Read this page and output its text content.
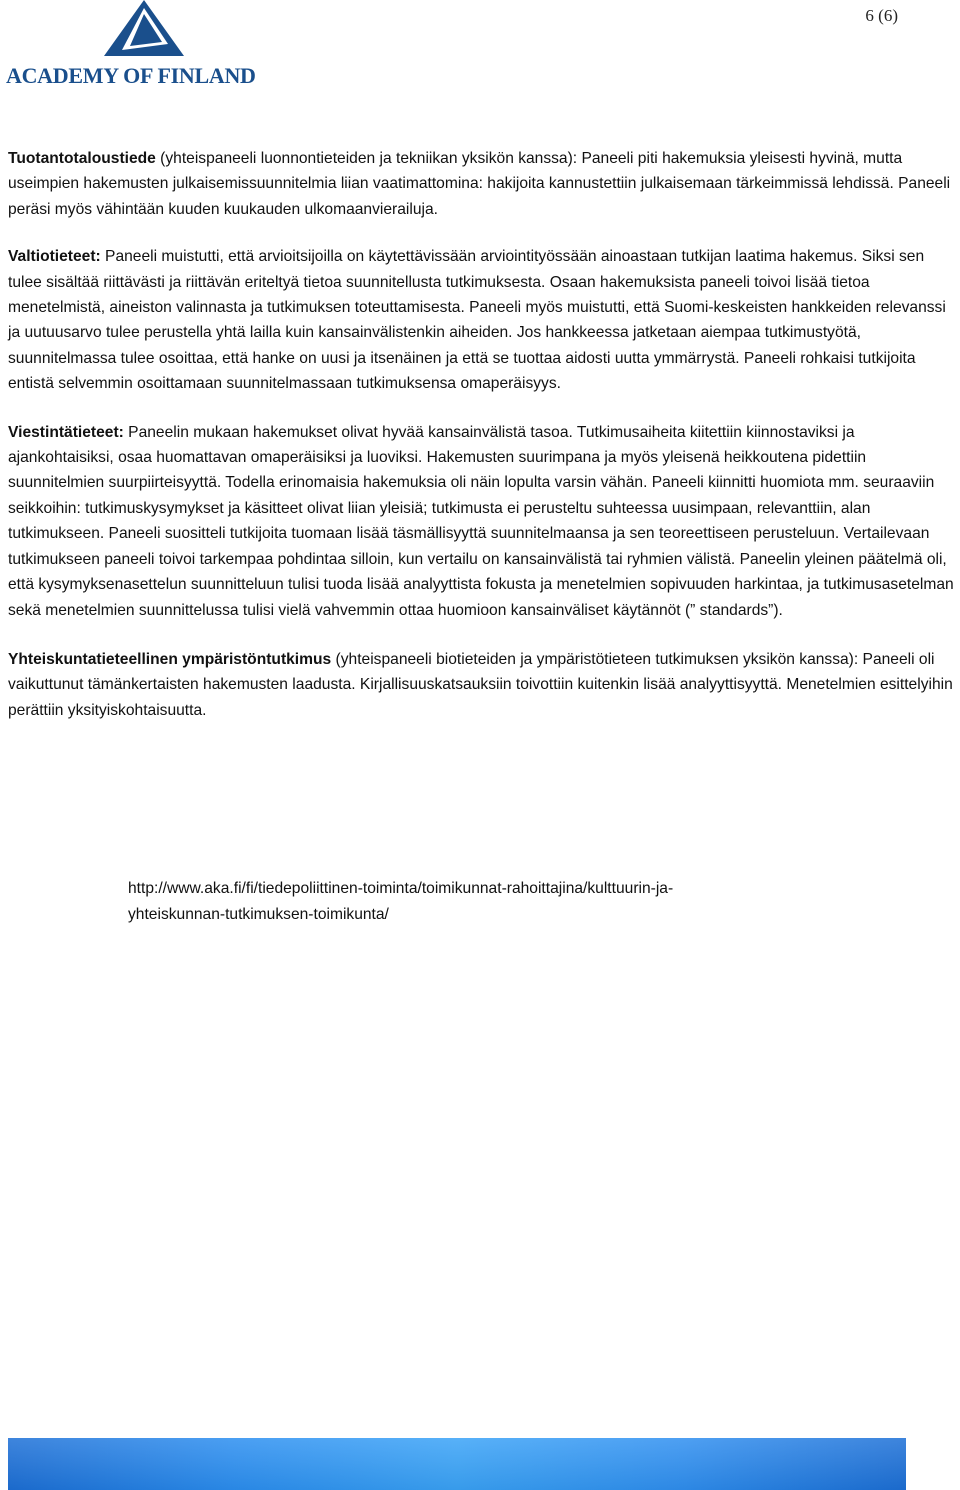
ACADEMY OF FINLAND
6 (6)

Tuotantotaloustiede (yhteispaneeli luonnontieteiden ja tekniikan yksikön kanssa): Paneeli piti hakemuksia yleisesti hyvinä, mutta useimpien hakemusten julkaisemissuunnitelmia liian vaatimattomina: hakijoita kannustettiin julkaisemaan tärkeimmissä lehdissä. Paneeli peräsi myös vähintään kuuden kuukauden ulkomaanvierailuja.

Valtiotieteet: Paneeli muistutti, että arvioitsijoilla on käytettävissään arviointityössään ainoastaan tutkijan laatima hakemus. Siksi sen tulee sisältää riittävästi ja riittävän eriteltyä tietoa suunnitellusta tutkimuksesta. Osaan hakemuksista paneeli toivoi lisää tietoa menetelmistä, aineiston valinnasta ja tutkimuksen toteuttamisesta. Paneeli myös muistutti, että Suomi-keskeisten hankkeiden relevanssi ja uutuusarvo tulee perustella yhtä lailla kuin kansainvälistenkin aiheiden. Jos hankkeessa jatketaan aiempaa tutkimustyötä, suunnitelmassa tulee osoittaa, että hanke on uusi ja itsenäinen ja että se tuottaa aidosti uutta ymmärrystä. Paneeli rohkaisi tutkijoita entistä selvemmin osoittamaan suunnitelmassaan tutkimuksensa omaperäisyys.

Viestintätieteet: Paneelin mukaan hakemukset olivat hyvää kansainvälistä tasoa. Tutkimusaiheita kiitettiin kiinnostaviksi ja ajankohtaisiksi, osaa huomattavan omaperäisiksi ja luoviksi. Hakemusten suurimpana ja myös yleisenä heikkoutena pidettiin suunnitelmien suurpiirteisyyttä. Todella erinomaisia hakemuksia oli näin lopulta varsin vähän. Paneeli kiinnitti huomiota mm. seuraaviin seikkoihin: tutkimuskysymykset ja käsitteet olivat liian yleisiä; tutkimusta ei perusteltu suhteessa uusimpaan, relevanttiin, alan tutkimukseen. Paneeli suositteli tutkijoita tuomaan lisää täsmällisyyttä suunnitelmaansa ja sen teoreettiseen perusteluun. Vertailevaan tutkimukseen paneeli toivoi tarkempaa pohdintaa silloin, kun vertailu on kansainvälistä tai ryhmien välistä. Paneelin yleinen päätelmä oli, että kysymyksenasettelun suunnitteluun tulisi tuoda lisää analyyttista fokusta ja menetelmien sopivuuden harkintaa, ja tutkimusasetelman sekä menetelmien suunnittelussa tulisi vielä vahvemmin ottaa huomioon kansainväliset käytännöt (” standards”).

Yhteiskuntatieteellinen ympäristöntutkimus (yhteispaneeli biotieteiden ja ympäristötieteen tutkimuksen yksikön kanssa): Paneeli oli vaikuttunut tämänkertaisten hakemusten laadusta. Kirjallisuuskatsauksiin toivottiin kuitenkin lisää analyyttisyyttä. Menetelmien esittelyihin perättiin yksityiskohtaisuutta.

http://www.aka.fi/fi/tiedepoliittinen-toiminta/toimikunnat-rahoittajina/kulttuurin-ja-
yhteiskunnan-tutkimuksen-toimikunta/
